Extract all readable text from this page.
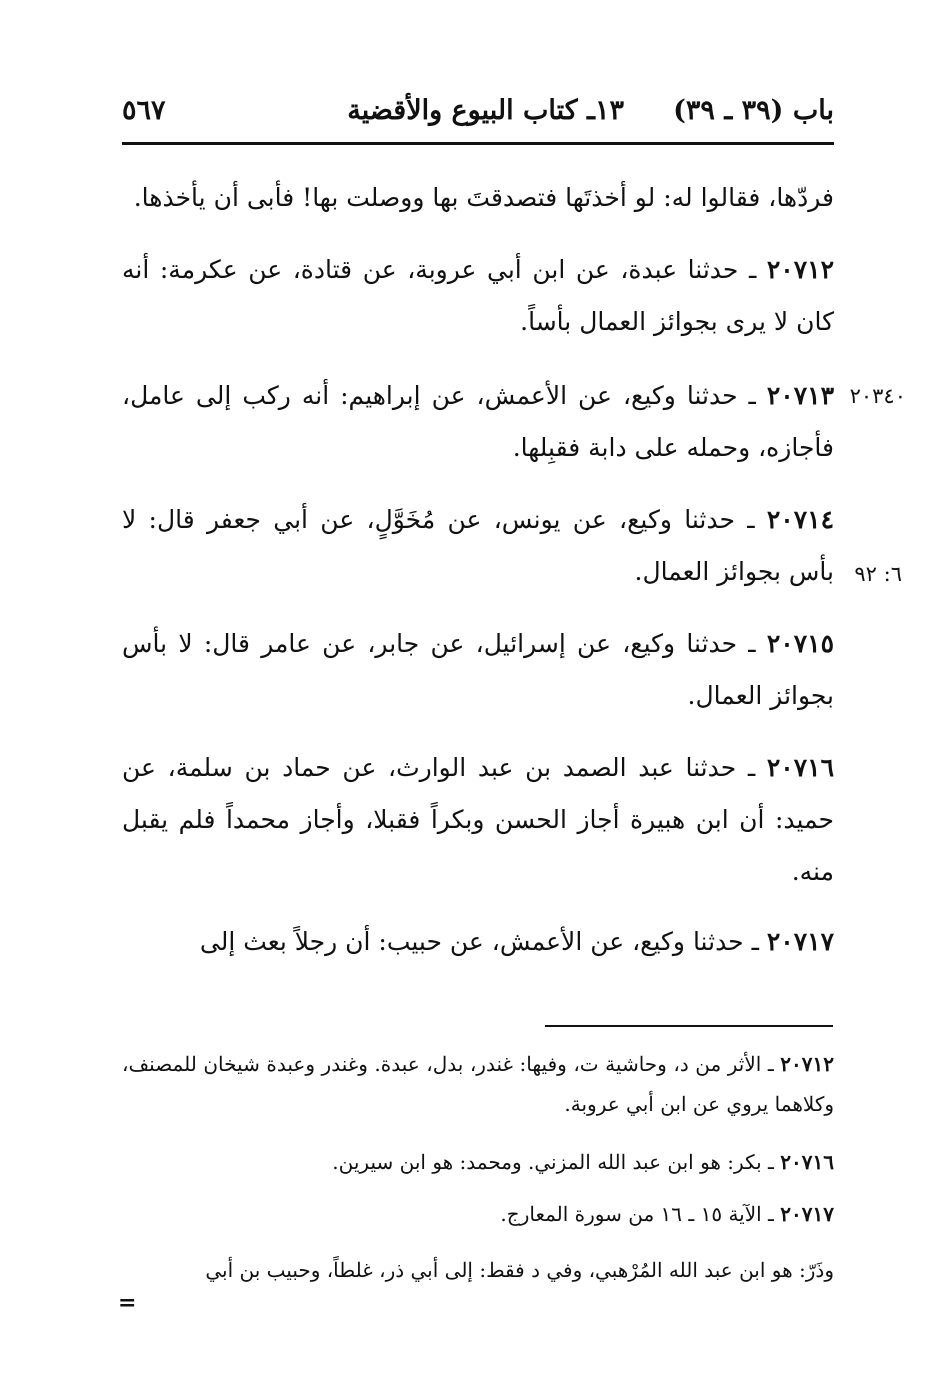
باب (٣٩ ـ ٣٩)
١٣ـ كتاب البيوع والأقضية
٥٦٧
فردّها، فقالوا له: لو أخذتَها فتصدقتَ بها ووصلت بها! فأبى أن يأخذها.
٢٠٧١٢ ـ حدثنا عبدة، عن ابن أبي عروبة، عن قتادة، عن عكرمة: أنه كان لا يرى بجوائز العمال بأساً.
٢٠٧١٣ ـ حدثنا وكيع، عن الأعمش، عن إبراهيم: أنه ركب إلى عامل، فأجازه، وحمله على دابة فقبِلها.
٢٠٧١٤ ـ حدثنا وكيع، عن يونس، عن مُخَوَّلٍ، عن أبي جعفر قال: لا بأس بجوائز العمال.
٢٠٧١٥ ـ حدثنا وكيع، عن إسرائيل، عن جابر، عن عامر قال: لا بأس بجوائز العمال.
٢٠٧١٦ ـ حدثنا عبد الصمد بن عبد الوارث، عن حماد بن سلمة، عن حميد: أن ابن هبيرة أجاز الحسن وبكراً فقبلا، وأجاز محمداً فلم يقبل منه.
٢٠٧١٧ ـ حدثنا وكيع، عن الأعمش، عن حبيب: أن رجلاً بعث إلى
٢٠٣٤٠
٦: ٩٢
٢٠٧١٢ ـ الأثر من د، وحاشية ت، وفيها: غندر، بدل، عبدة. وغندر وعبدة شيخان للمصنف، وكلاهما يروي عن ابن أبي عروبة.
٢٠٧١٦ ـ بكر: هو ابن عبد الله المزني. ومحمد: هو ابن سيرين.
٢٠٧١٧ ـ الآية ١٥ ـ ١٦ من سورة المعارج.
وذَرّ: هو ابن عبد الله المُرْهبي، وفي د فقط: إلى أبي ذر، غلطاً، وحبيب بن أبي
=
